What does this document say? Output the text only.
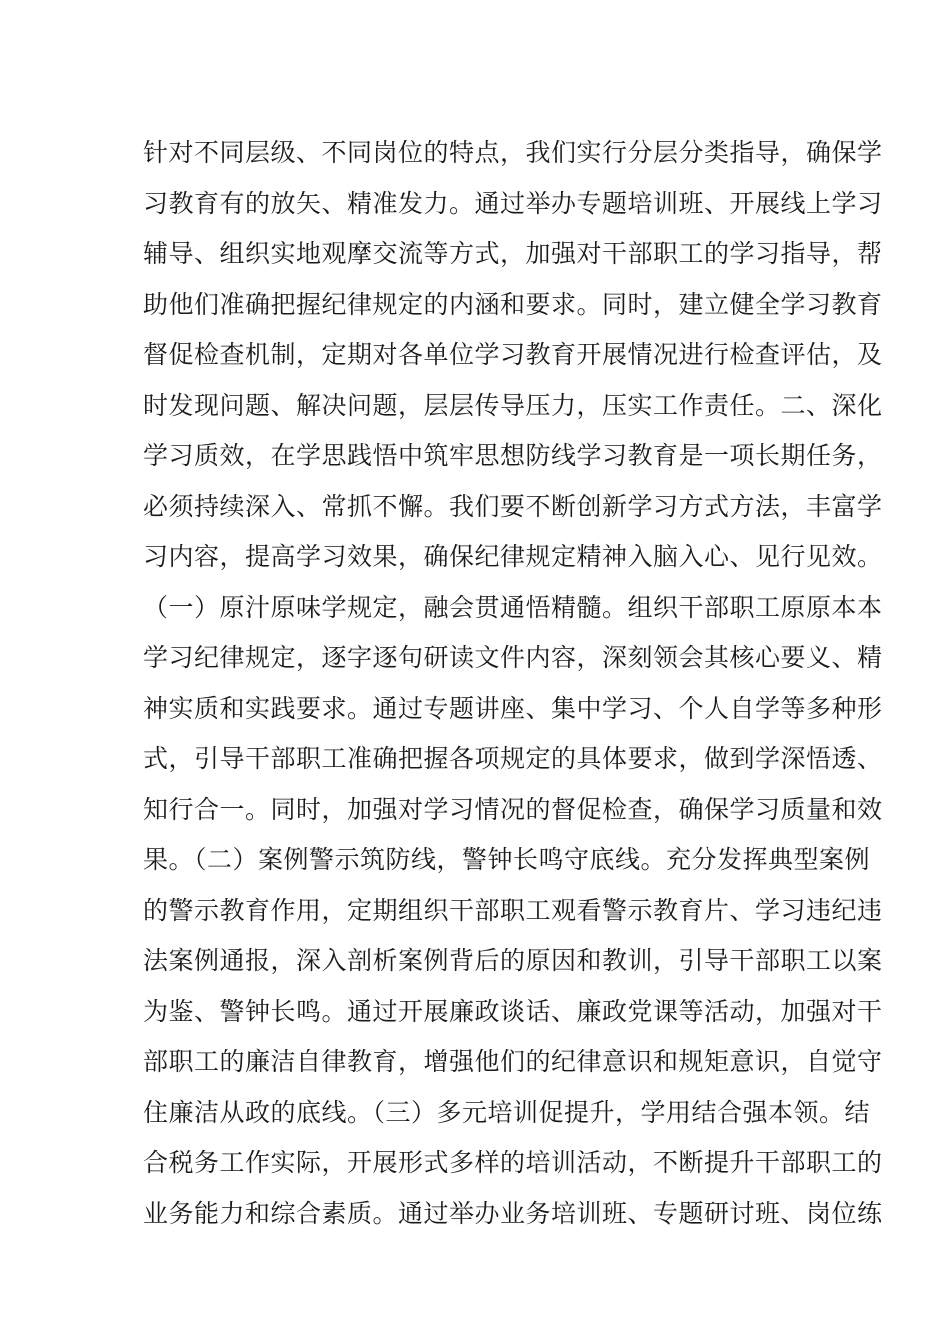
针对不同层级、不同岗位的特点，我们实行分层分类指导，确保学
习教育有的放矢、精准发力。通过举办专题培训班、开展线上学习
辅导、组织实地观摩交流等方式，加强对干部职工的学习指导，帮
助他们准确把握纪律规定的内涵和要求。同时，建立健全学习教育
督促检查机制，定期对各单位学习教育开展情况进行检查评估，及
时发现问题、解决问题，层层传导压力，压实工作责任。二、深化
学习质效，在学思践悟中筑牢思想防线学习教育是一项长期任务，
必须持续深入、常抓不懈。我们要不断创新学习方式方法，丰富学
习内容，提高学习效果，确保纪律规定精神入脑入心、见行见效。
（一）原汁原味学规定，融会贯通悟精髓。组织干部职工原原本本
学习纪律规定，逐字逐句研读文件内容，深刻领会其核心要义、精
神实质和实践要求。通过专题讲座、集中学习、个人自学等多种形
式，引导干部职工准确把握各项规定的具体要求，做到学深悟透、
知行合一。同时，加强对学习情况的督促检查，确保学习质量和效
果。（二）案例警示筑防线，警钟长鸣守底线。充分发挥典型案例
的警示教育作用，定期组织干部职工观看警示教育片、学习违纪违
法案例通报，深入剖析案例背后的原因和教训，引导干部职工以案
为鉴、警钟长鸣。通过开展廉政谈话、廉政党课等活动，加强对干
部职工的廉洁自律教育，增强他们的纪律意识和规矩意识，自觉守
住廉洁从政的底线。（三）多元培训促提升，学用结合强本领。结
合税务工作实际，开展形式多样的培训活动，不断提升干部职工的
业务能力和综合素质。通过举办业务培训班、专题研讨班、岗位练
